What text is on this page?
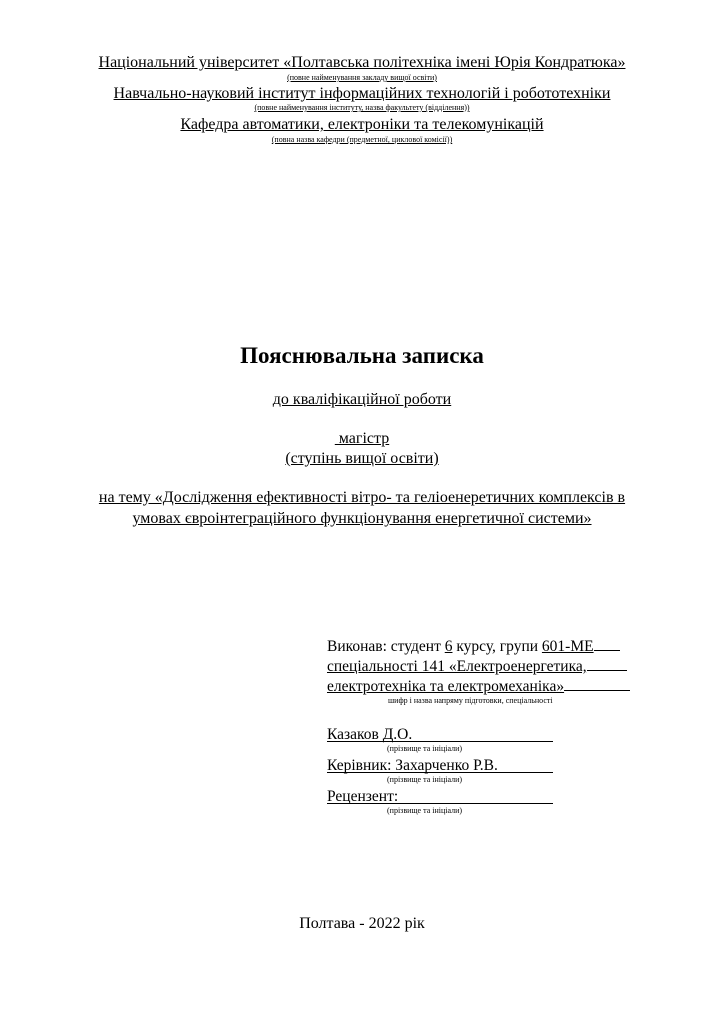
Національний університет «Полтавська політехніка імені Юрія Кондратюка»
(повне найменування закладу вищої освіти)
Навчально-науковий інститут інформаційних технологій і робототехніки
(повне найменування інституту, назва факультету (відділення))
Кафедра автоматики, електроніки та телекомунікацій
(повна назва кафедри (предметної, циклової комісії))
Пояснювальна записка
до кваліфікаційної роботи
магістр
(ступінь вищої освіти)
на тему «Дослідження ефективності вітро- та геліоенеретичних комплексів в
умовах євроінтеграційного функціонування енергетичної системи»
Виконав: студент 6 курсу, групи 601-МЕ
спеціальності 141 «Електроенергетика,
електротехніка та електромеханіка»
шифр і назва напряму підготовки, спеціальності
Казаков Д.О.
(прізвище та ініціали)
Керівник: Захарченко Р.В.
(прізвище та ініціали)
Рецензент:
(прізвище та ініціали)
Полтава - 2022 рік
